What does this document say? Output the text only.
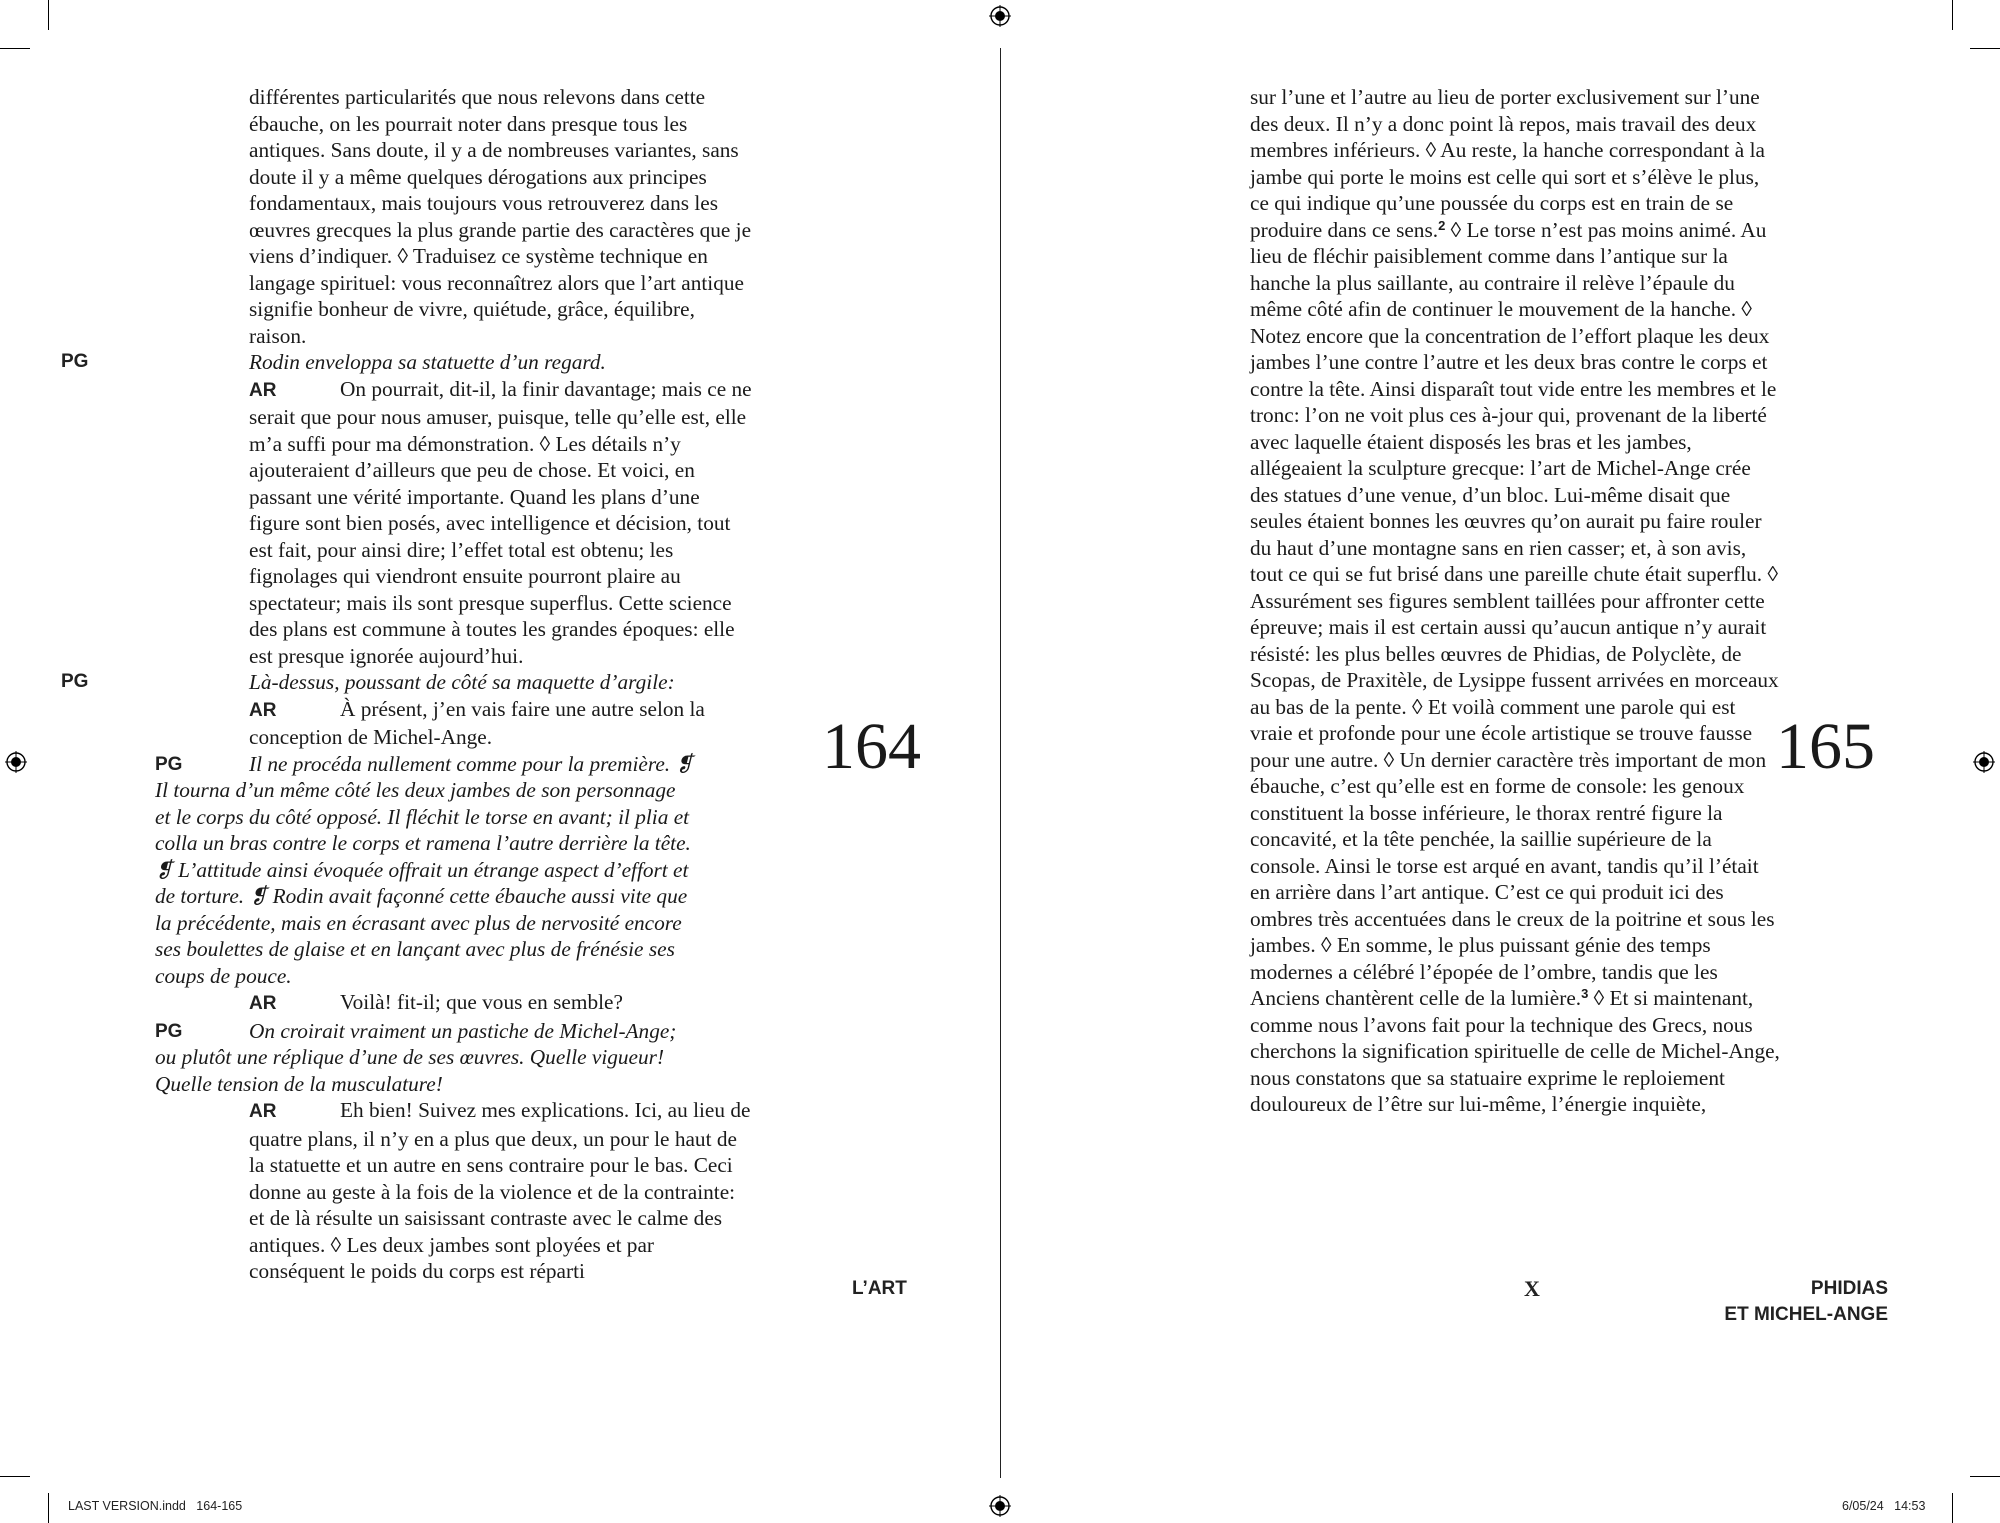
différentes particularités que nous relevons dans cette ébauche, on les pourrait noter dans presque tous les antiques. Sans doute, il y a de nombreuses variantes, sans doute il y a même quelques dérogations aux principes fondamentaux, mais toujours vous retrouverez dans les œuvres grecques la plus grande partie des caractères que je viens d’indiquer. ◊ Traduisez ce système technique en langage spirituel: vous reconnaîtrez alors que l’art antique signifie bonheur de vivre, quiétude, grâce, équilibre, raison.

PG	Rodin enveloppa sa statuette d’un regard.

AR	On pourrait, dit-il, la finir davantage; mais ce ne serait que pour nous amuser, puisque, telle qu’elle est, elle m’a suffi pour ma démonstration. ◊ Les détails n’y ajouteraient d’ailleurs que peu de chose. Et voici, en passant une vérité importante. Quand les plans d’une figure sont bien posés, avec intelligence et décision, tout est fait, pour ainsi dire; l’effet total est obtenu; les fignolages qui viendront ensuite pourront plaire au spectateur; mais ils sont presque superflus. Cette science des plans est commune à toutes les grandes époques: elle est presque ignorée aujourd’hui.

PG	Là-dessus, poussant de côté sa maquette d’argile:

AR	À présent, j’en vais faire une autre selon la conception de Michel-Ange.

PG	Il ne procéda nullement comme pour la première. ❡ Il tourna d’un même côté les deux jambes de son personnage et le corps du côté opposé. Il fléchit le torse en avant; il plia et colla un bras contre le corps et ramena l’autre derrière la tête. ❡ L’attitude ainsi évoquée offrait un étrange aspect d’effort et de torture. ❡ Rodin avait façonné cette ébauche aussi vite que la précédente, mais en écrasant avec plus de nervosité encore ses boulettes de glaise et en lançant avec plus de frénésie ses coups de pouce.

AR	Voilà! fit-il; que vous en semble?

PG	On croirait vraiment un pastiche de Michel-Ange; ou plutôt une réplique d’une de ses œuvres. Quelle vigueur! Quelle tension de la musculature!

AR	Eh bien! Suivez mes explications. Ici, au lieu de quatre plans, il n’y en a plus que deux, un pour le haut de la statuette et un autre en sens contraire pour le bas. Ceci donne au geste à la fois de la violence et de la contrainte: et de là résulte un saisissant contraste avec le calme des antiques. ◊ Les deux jambes sont ployées et par conséquent le poids du corps est réparti

164
L’ART

sur l’une et l’autre au lieu de porter exclusivement sur l’une des deux. Il n’y a donc point là repos, mais travail des deux membres inférieurs. ◊ Au reste, la hanche correspondant à la jambe qui porte le moins est celle qui sort et s’élève le plus, ce qui indique qu’une poussée du corps est en train de se produire dans ce sens.$^2$ ◊ Le torse n’est pas moins animé. Au lieu de fléchir paisiblement comme dans l’antique sur la hanche la plus saillante, au contraire il relève l’épaule du même côté afin de continuer le mouvement de la hanche. ◊ Notez encore que la concentration de l’effort plaque les deux jambes l’une contre l’autre et les deux bras contre le corps et contre la tête. Ainsi disparaît tout vide entre les membres et le tronc: l’on ne voit plus ces à-jour qui, provenant de la liberté avec laquelle étaient disposés les bras et les jambes, allégeaient la sculpture grecque: l’art de Michel-Ange crée des statues d’une venue, d’un bloc. Lui-même disait que seules étaient bonnes les œuvres qu’on aurait pu faire rouler du haut d’une montagne sans en rien casser; et, à son avis, tout ce qui se fut brisé dans une pareille chute était superflu. ◊ Assurément ses figures semblent taillées pour affronter cette épreuve; mais il est certain aussi qu’aucun antique n’y aurait résisté: les plus belles œuvres de Phidias, de Polyclète, de Scopas, de Praxitèle, de Lysippe fussent arrivées en morceaux au bas de la pente. ◊ Et voilà comment une parole qui est vraie et profonde pour une école artistique se trouve fausse pour une autre. ◊ Un dernier caractère très important de mon ébauche, c’est qu’elle est en forme de console: les genoux constituent la bosse inférieure, le thorax rentré figure la concavité, et la tête penchée, la saillie supérieure de la console. Ainsi le torse est arqué en avant, tandis qu’il l’était en arrière dans l’art antique. C’est ce qui produit ici des ombres très accentuées dans le creux de la poitrine et sous les jambes. ◊ En somme, le plus puissant génie des temps modernes a célébré l’épopée de l’ombre, tandis que les Anciens chantèrent celle de la lumière.$^3$ ◊ Et si maintenant, comme nous l’avons fait pour la technique des Grecs, nous cherchons la signification spirituelle de celle de Michel-Ange, nous constatons que sa statuaire exprime le reploiement douloureux de l’être sur lui-même, l’énergie inquiète,

165
X	PHIDIAS
ET MICHEL-ANGE
LAST VERSION.indd   164-165	6/05/24   14:53
